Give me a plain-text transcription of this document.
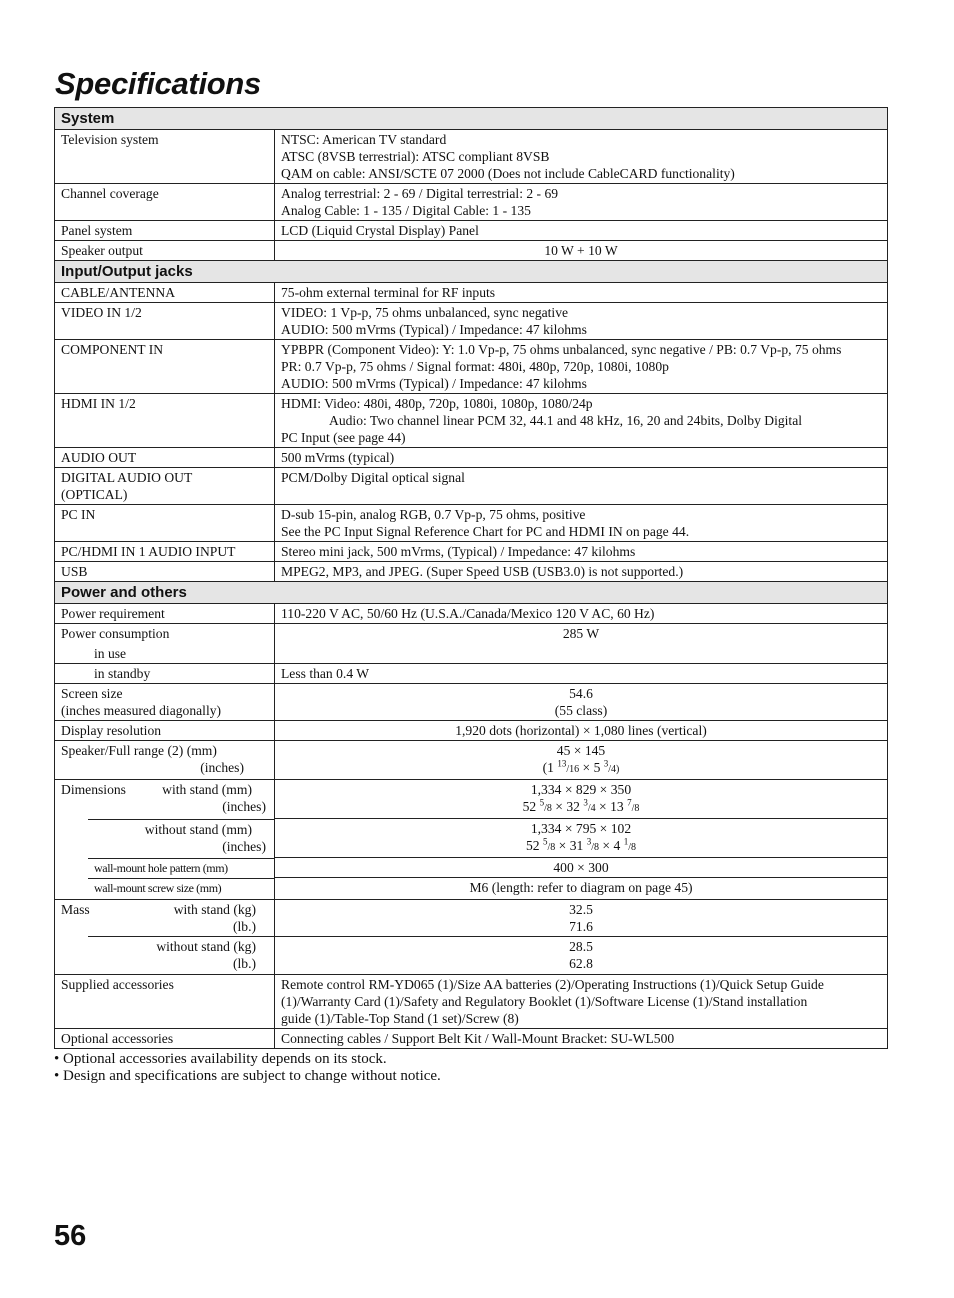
Specifications
System	
Television system	NTSC: American TV standard
ATSC (8VSB terrestrial): ATSC compliant 8VSB
QAM on cable: ANSI/SCTE 07 2000 (Does not include CableCARD functionality)

Channel coverage	Analog terrestrial: 2 - 69 / Digital terrestrial: 2 - 69
Analog Cable: 1 - 135 / Digital Cable: 1 - 135

Panel system	LCD (Liquid Crystal Display) Panel
Speaker output	10 W + 10 W
Input/Output jacks	
CABLE/ANTENNA	75-ohm external terminal for RF inputs
VIDEO IN 1/2	VIDEO: 1 Vp-p, 75 ohms unbalanced, sync negative
AUDIO: 500 mVrms (Typical) / Impedance: 47 kilohms

COMPONENT IN	YPBPR (Component Video): Y: 1.0 Vp-p, 75 ohms unbalanced, sync negative / PB: 0.7 Vp-p, 75 ohms
PR: 0.7 Vp-p, 75 ohms / Signal format: 480i, 480p, 720p, 1080i, 1080p
AUDIO: 500 mVrms (Typical) / Impedance: 47 kilohms

HDMI IN 1/2	HDMI: Video: 480i, 480p, 720p, 1080i, 1080p, 1080/24p
Audio: Two channel linear PCM 32, 44.1 and 48 kHz, 16, 20 and 24bits, Dolby Digital
PC Input (see page 44)

AUDIO OUT	500 mVrms (typical)

DIGITAL AUDIO OUT
(OPTICAL)	PCM/Dolby Digital optical signal
PC IN	D-sub 15-pin, analog RGB, 0.7 Vp-p, 75 ohms, positive
See the PC Input Signal Reference Chart for PC and HDMI IN on page 44.

PC/HDMI IN 1 AUDIO INPUT	Stereo mini jack, 500 mVrms, (Typical) / Impedance: 47 kilohms
USB	MPEG2, MP3, and JPEG. (Super Speed USB (USB3.0) is not supported.)
Power and others	
Power requirement	110-220 V AC, 50/60 Hz (U.S.A./Canada/Mexico 120 V AC, 60 Hz)

Power consumption
in use	285 W

in standby	Less than 0.4 W

Screen size
(inches measured diagonally)	54.6
(55 class)

Display resolution	1,920 dots (horizontal) × 1,080 lines (vertical)

Speaker/Full range (2) (mm)
(inches)	45 × 145
(1 $^{13}$/16 × 5 $^3$/4)

Dimensions with stand (mm)
(inches)	1,334 × 829 × 350
52 $^5$/8 × 32 $^3$/4 × 13 $^7$/8

without stand (mm)
(inches)	1,334 × 795 × 102
52 $^5$/8 × 31 $^3$/8 × 4 $^1$/8

wall-mount hole pattern (mm)	400 × 300

wall-mount screw size (mm)	M6 (length: refer to diagram on page 45)

Mass with stand (kg)
(lb.)	32.5
71.6

without stand (kg)
(lb.)	28.5
62.8

Supplied accessories	Remote control RM-YD065 (1)/Size AA batteries (2)/Operating Instructions (1)/Quick Setup Guide
(1)/Warranty Card (1)/Safety and Regulatory Booklet (1)/Software License (1)/Stand installation
guide (1)/Table-Top Stand (1 set)/Screw (8)

Optional accessories	Connecting cables / Support Belt Kit / Wall-Mount Bracket: SU-WL500
• Optional accessories availability depends on its stock.
• Design and specifications are subject to change without notice.
56
